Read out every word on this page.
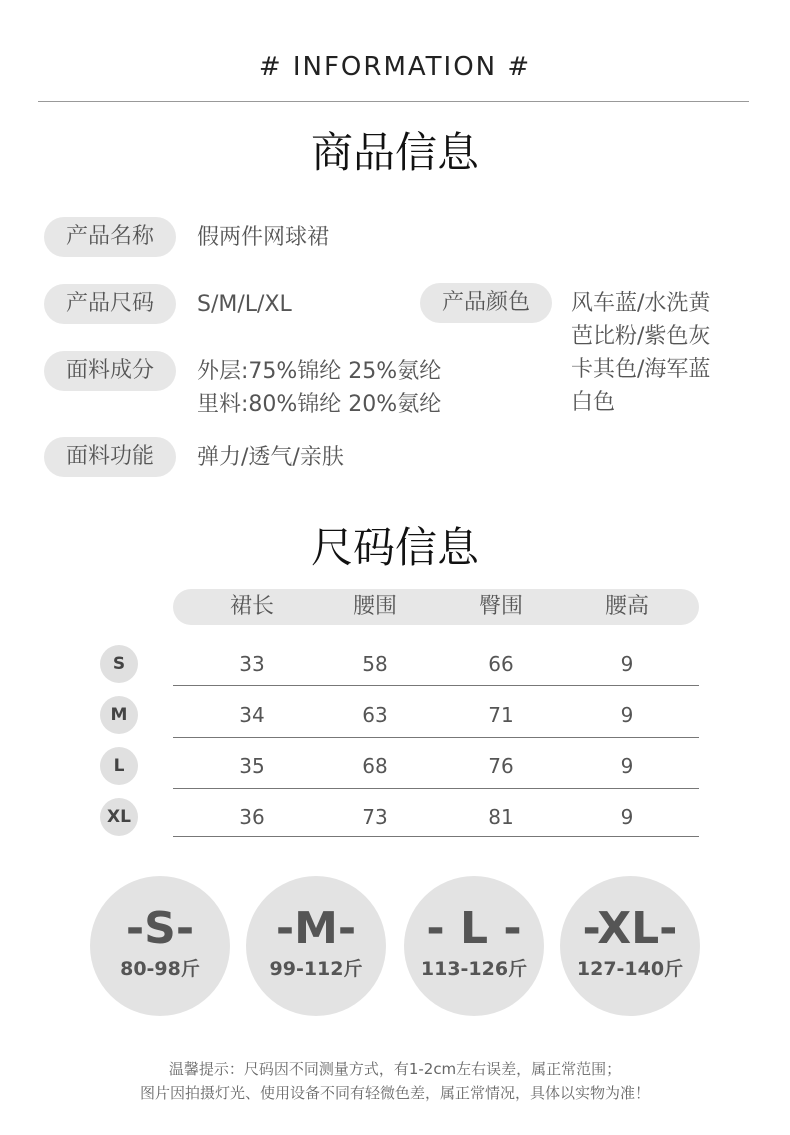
# INFORMATION #
商品信息
产品名称	假两件网球裙
产品尺码	S/M/L/XL	产品颜色	风车蓝/水洗黄
芭比粉/紫色灰
卡其色/海军蓝
白色
面料成分	外层:75%锦纶 25%氨纶
里料:80%锦纶 20%氨纶
面料功能	弹力/透气/亲肤
尺码信息
裙长	腰围	臀围	腰高
S	33	58	66	9
M	34	63	71	9
L	35	68	76	9
XL	36	73	81	9
-S-
80-98斤
-M-
99-112斤
- L -
113-126斤
-XL-
127-140斤
温馨提示：尺码因不同测量方式，有1-2cm左右误差，属正常范围；
图片因拍摄灯光、使用设备不同有轻微色差，属正常情况，具体以实物为准！
